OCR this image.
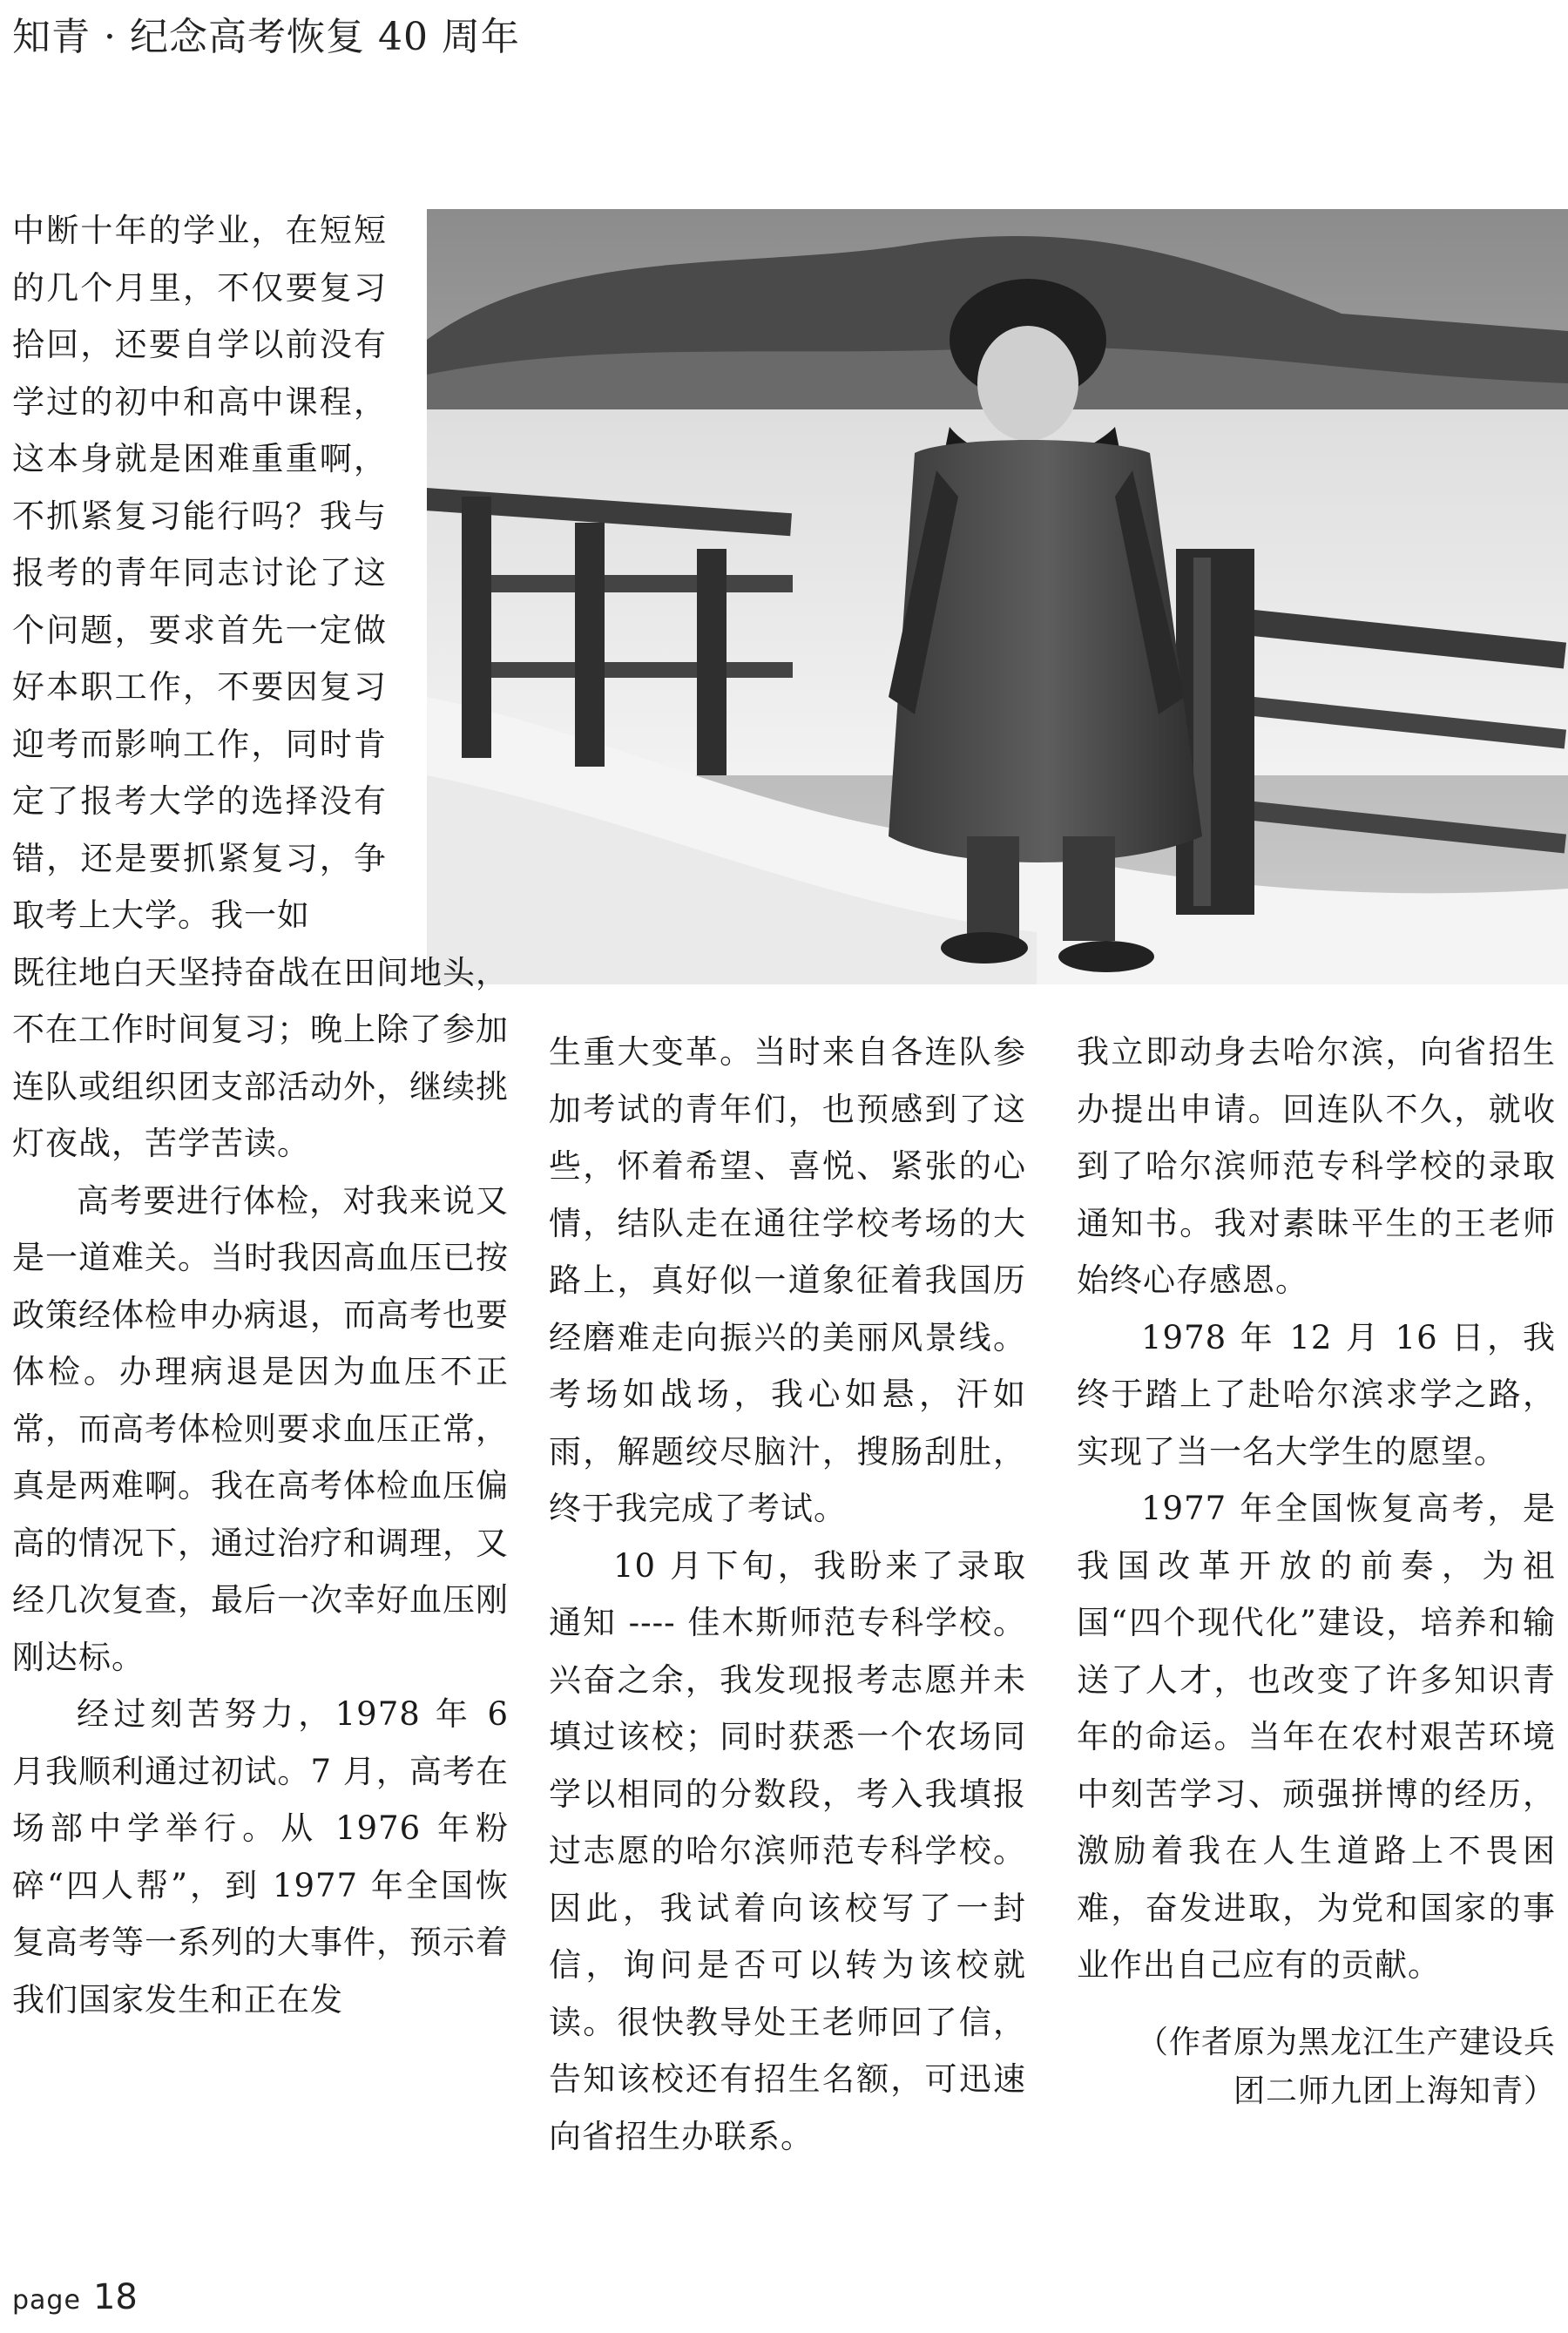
知青 · 纪念高考恢复 40 周年

中断十年的学业，在短短的几个月里，不仅要复习拾回，还要自学以前没有学过的初中和高中课程，这本身就是困难重重啊，不抓紧复习能行吗？我与报考的青年同志讨论了这个问题，要求首先一定做好本职工作，不要因复习迎考而影响工作，同时肯定了报考大学的选择没有错，还是要抓紧复习，争取考上大学。我一如

既往地白天坚持奋战在田间地头，不在工作时间复习；晚上除了参加连队或组织团支部活动外，继续挑灯夜战，苦学苦读。

高考要进行体检，对我来说又是一道难关。当时我因高血压已按政策经体检申办病退，而高考也要体检。办理病退是因为血压不正常，而高考体检则要求血压正常，真是两难啊。我在高考体检血压偏高的情况下，通过治疗和调理，又经几次复查，最后一次幸好血压刚刚达标。

经过刻苦努力，1978 年 6 月我顺利通过初试。7 月，高考在场部中学举行。从 1976 年粉碎“四人帮”，到 1977 年全国恢复高考等一系列的大事件，预示着我们国家发生和正在发

生重大变革。当时来自各连队参加考试的青年们，也预感到了这些，怀着希望、喜悦、紧张的心情，结队走在通往学校考场的大路上，真好似一道象征着我国历经磨难走向振兴的美丽风景线。考场如战场，我心如悬，汗如雨，解题绞尽脑汁，搜肠刮肚，终于我完成了考试。

10 月下旬，我盼来了录取通知 ---- 佳木斯师范专科学校。兴奋之余，我发现报考志愿并未填过该校；同时获悉一个农场同学以相同的分数段，考入我填报过志愿的哈尔滨师范专科学校。因此，我试着向该校写了一封信，询问是否可以转为该校就读。很快教导处王老师回了信，告知该校还有招生名额，可迅速向省招生办联系。

我立即动身去哈尔滨，向省招生办提出申请。回连队不久，就收到了哈尔滨师范专科学校的录取通知书。我对素昧平生的王老师始终心存感恩。

1978 年 12 月 16 日，我终于踏上了赴哈尔滨求学之路，实现了当一名大学生的愿望。

1977 年全国恢复高考，是我国改革开放的前奏，为祖国“四个现代化”建设，培养和输送了人才，也改变了许多知识青年的命运。当年在农村艰苦环境中刻苦学习、顽强拼博的经历，激励着我在人生道路上不畏困难，奋发进取，为党和国家的事业作出自己应有的贡献。

（作者原为黑龙江生产建设兵
团二师九团上海知青）
page 18
